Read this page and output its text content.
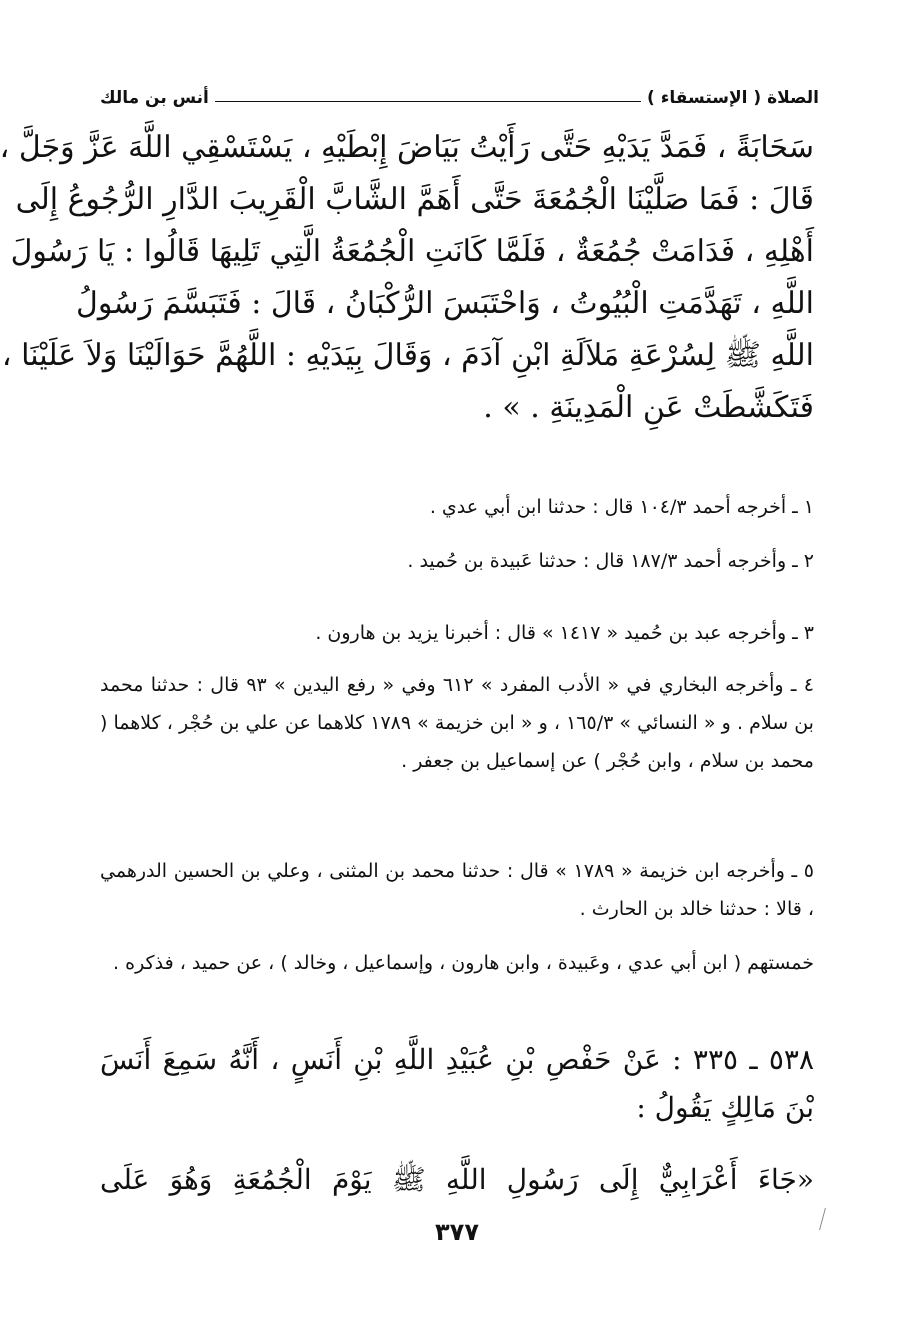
الصلاة ( الإستسقاء )
أنس بن مالك
سَحَابَةً ، فَمَدَّ يَدَيْهِ حَتَّى رَأَيْتُ بَيَاضَ إِبْطَيْهِ ، يَسْتَسْقِي اللَّهَ عَزَّ وَجَلَّ ،
قَالَ : فَمَا صَلَّيْنَا الْجُمُعَةَ حَتَّى أَهَمَّ الشَّابَّ الْقَرِيبَ الدَّارِ الرُّجُوعُ إِلَى
أَهْلِهِ ، فَدَامَتْ جُمُعَةٌ ، فَلَمَّا كَانَتِ الْجُمُعَةُ الَّتِي تَلِيهَا قَالُوا : يَا رَسُولَ
اللَّهِ ، تَهَدَّمَتِ الْبُيُوتُ ، وَاحْتَبَسَ الرُّكْبَانُ ، قَالَ : فَتَبَسَّمَ رَسُولُ
اللَّهِ ﷺ لِسُرْعَةِ مَلاَلَةِ ابْنِ آدَمَ ، وَقَالَ بِيَدَيْهِ : اللَّهُمَّ حَوَالَيْنَا وَلاَ عَلَيْنَا ،
فَتَكَشَّطَتْ عَنِ الْمَدِينَةِ . » .
١ ـ أخرجه أحمد ١٠٤/٣ قال : حدثنا ابن أبي عدي .
٢ ـ وأخرجه أحمد ١٨٧/٣ قال : حدثنا عَبيدة بن حُميد .
٣ ـ وأخرجه عبد بن حُميد « ١٤١٧ » قال : أخبرنا يزيد بن هارون .
٤ ـ وأخرجه البخاري في « الأدب المفرد » ٦١٢ وفي « رفع اليدين » ٩٣ قال : حدثنا محمد بن سلام . و « النسائي » ١٦٥/٣ ، و « ابن خزيمة » ١٧٨٩ كلاهما عن علي بن حُجْر ، كلاهما ( محمد بن سلام ، وابن حُجْر ) عن إسماعيل بن جعفر .
٥ ـ وأخرجه ابن خزيمة « ١٧٨٩ » قال : حدثنا محمد بن المثنى ، وعلي بن الحسين الدرهمي ، قالا : حدثنا خالد بن الحارث .
خمستهم ( ابن أبي عدي ، وعَبيدة ، وابن هارون ، وإسماعيل ، وخالد ) ، عن حميد ، فذكره .
٥٣٨ ـ ٣٣٥ : عَنْ حَفْصِ بْنِ عُبَيْدِ اللَّهِ بْنِ أَنَسٍ ، أَنَّهُ سَمِعَ أَنَسَ بْنَ مَالِكٍ يَقُولُ :
«جَاءَ أَعْرَابِيٌّ إِلَى رَسُولِ اللَّهِ ﷺ يَوْمَ الْجُمُعَةِ وَهُوَ عَلَى
٣٧٧
